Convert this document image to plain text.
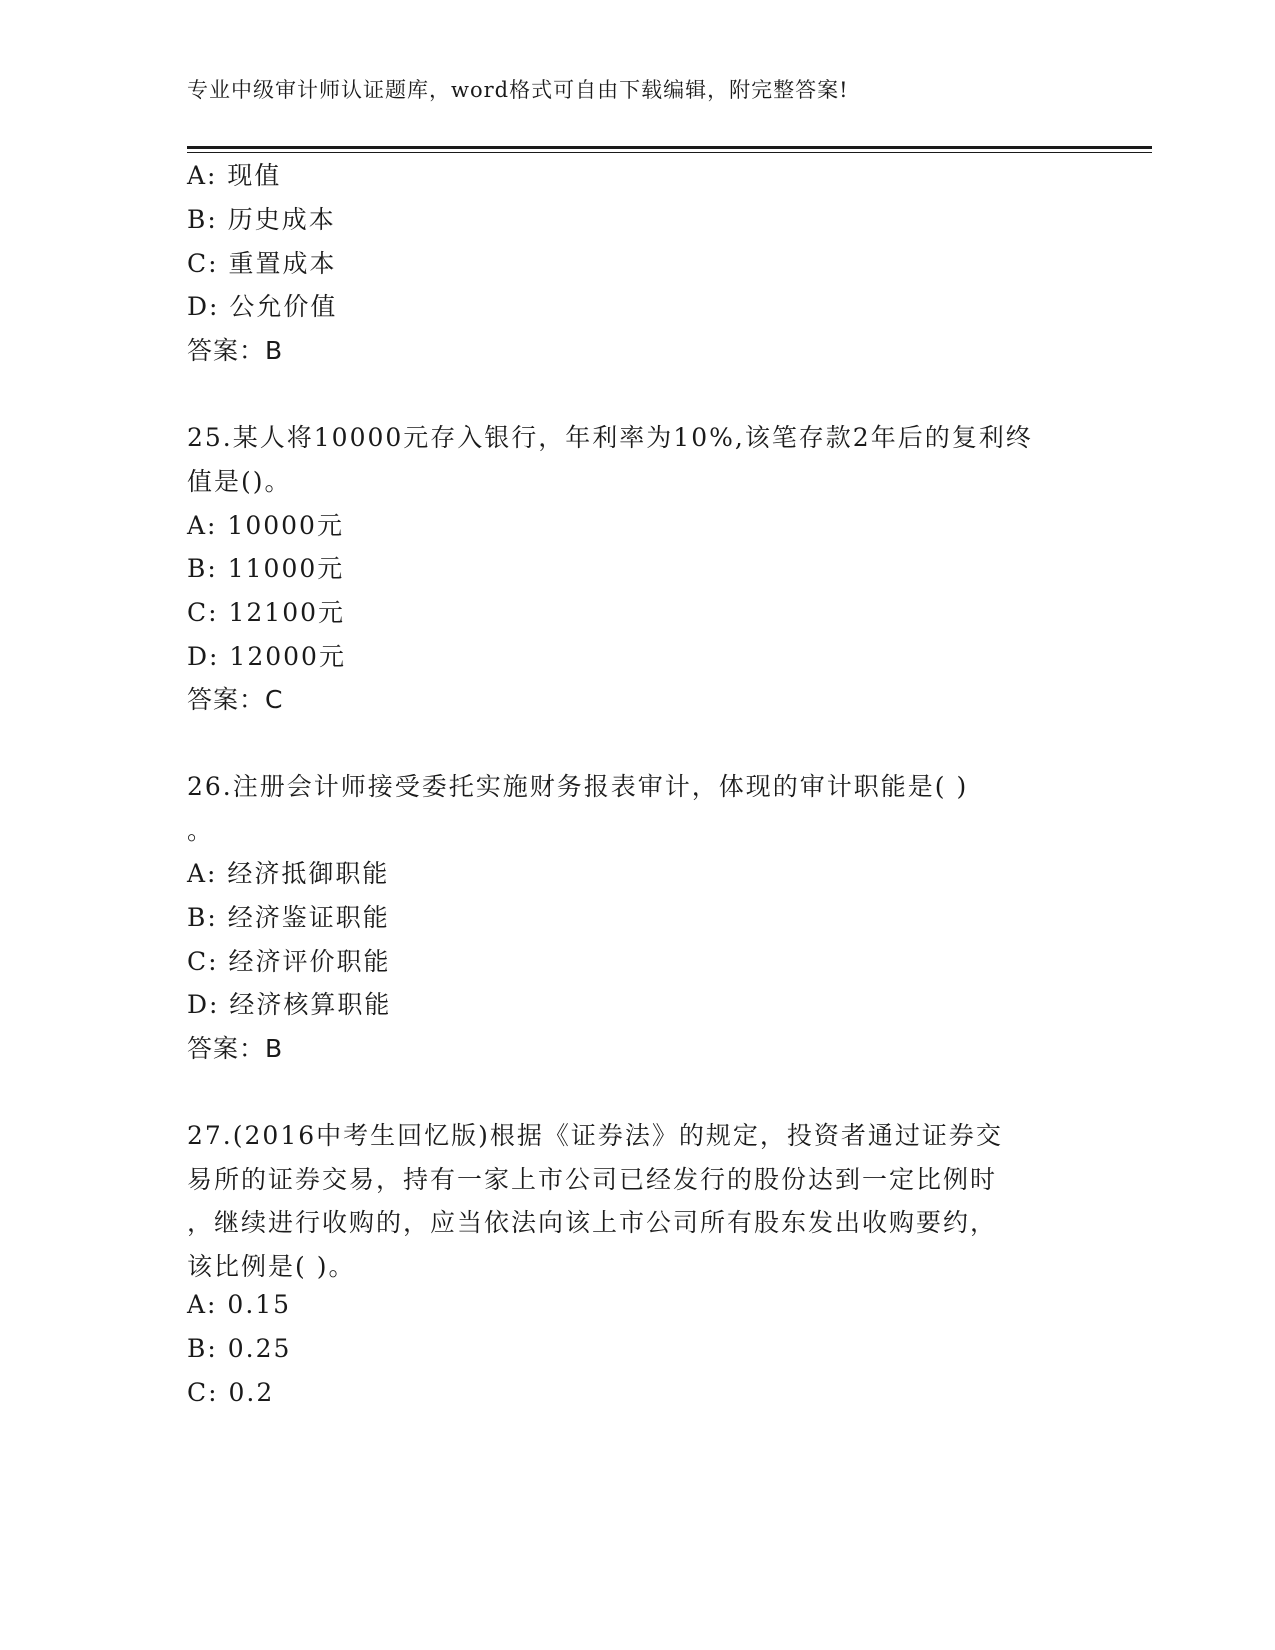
专业中级审计师认证题库，word格式可自由下载编辑，附完整答案!
A: 现值
B: 历史成本
C: 重置成本
D: 公允价值
答案：B
25.某人将10000元存入银行，年利率为10%,该笔存款2年后的复利终
值是()。
A: 10000元
B: 11000元
C: 12100元
D: 12000元
答案：C
26.注册会计师接受委托实施财务报表审计，体现的审计职能是( )
。
A: 经济抵御职能
B: 经济鉴证职能
C: 经济评价职能
D: 经济核算职能
答案：B
27.(2016中考生回忆版)根据《证券法》的规定，投资者通过证券交
易所的证券交易，持有一家上市公司已经发行的股份达到一定比例时
，继续进行收购的，应当依法向该上市公司所有股东发出收购要约，
该比例是( )。
A: 0.15
B: 0.25
C: 0.2
